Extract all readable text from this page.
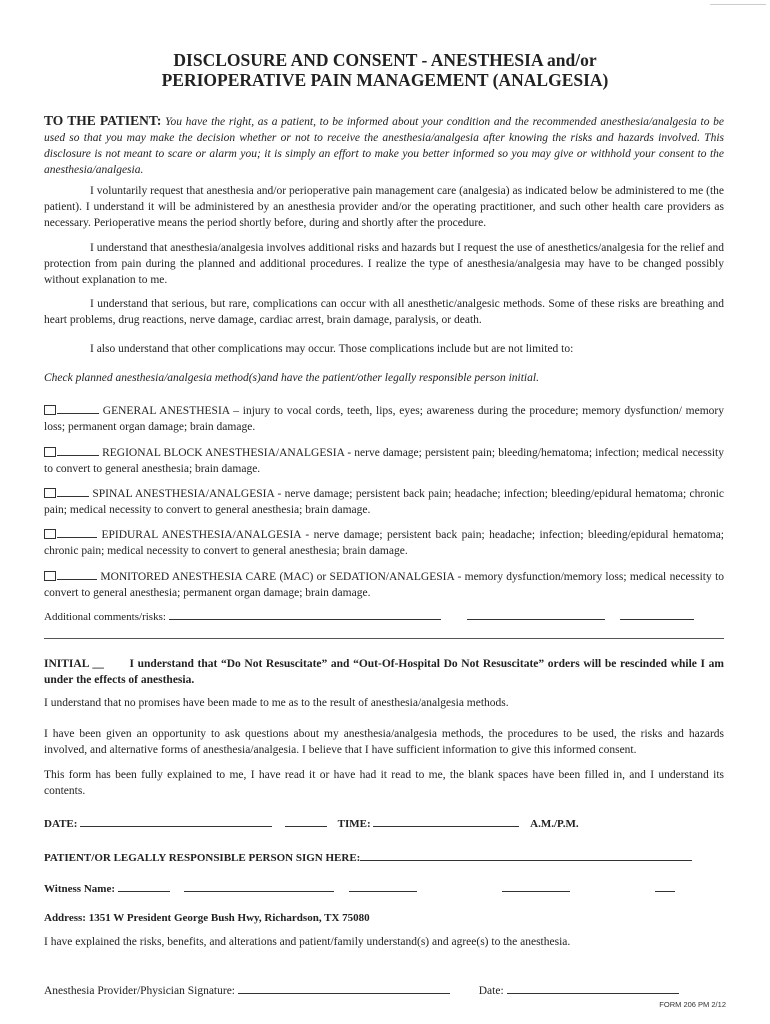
DISCLOSURE AND CONSENT - ANESTHESIA and/or
PERIOPERATIVE PAIN MANAGEMENT (ANALGESIA)
TO THE PATIENT: You have the right, as a patient, to be informed about your condition and the recommended anesthesia/analgesia to be used so that you may make the decision whether or not to receive the anesthesia/analgesia after knowing the risks and hazards involved. This disclosure is not meant to scare or alarm you; it is simply an effort to make you better informed so you may give or withhold your consent to the anesthesia/analgesia.
I voluntarily request that anesthesia and/or perioperative pain management care (analgesia) as indicated below be administered to me (the patient). I understand it will be administered by an anesthesia provider and/or the operating practitioner, and such other health care providers as necessary. Perioperative means the period shortly before, during and shortly after the procedure.
I understand that anesthesia/analgesia involves additional risks and hazards but I request the use of anesthetics/analgesia for the relief and protection from pain during the planned and additional procedures. I realize the type of anesthesia/analgesia may have to be changed possibly without explanation to me.
I understand that serious, but rare, complications can occur with all anesthetic/analgesic methods. Some of these risks are breathing and heart problems, drug reactions, nerve damage, cardiac arrest, brain damage, paralysis, or death.
I also understand that other complications may occur. Those complications include but are not limited to:
Check planned anesthesia/analgesia method(s)and have the patient/other legally responsible person initial.
GENERAL ANESTHESIA – injury to vocal cords, teeth, lips, eyes; awareness during the procedure; memory dysfunction/ memory loss; permanent organ damage; brain damage.
REGIONAL BLOCK ANESTHESIA/ANALGESIA - nerve damage; persistent pain; bleeding/hematoma; infection; medical necessity to convert to general anesthesia; brain damage.
SPINAL ANESTHESIA/ANALGESIA - nerve damage; persistent back pain; headache; infection; bleeding/epidural hematoma; chronic pain; medical necessity to convert to general anesthesia; brain damage.
EPIDURAL ANESTHESIA/ANALGESIA - nerve damage; persistent back pain; headache; infection; bleeding/epidural hematoma; chronic pain; medical necessity to convert to general anesthesia; brain damage.
MONITORED ANESTHESIA CARE (MAC) or SEDATION/ANALGESIA - memory dysfunction/memory loss; medical necessity to convert to general anesthesia; permanent organ damage; brain damage.
Additional comments/risks:
INITIAL __ I understand that “Do Not Resuscitate” and “Out-Of-Hospital Do Not Resuscitate” orders will be rescinded while I am under the effects of anesthesia.
I understand that no promises have been made to me as to the result of anesthesia/analgesia methods.
I have been given an opportunity to ask questions about my anesthesia/analgesia methods, the procedures to be used, the risks and hazards involved, and alternative forms of anesthesia/analgesia. I believe that I have sufficient information to give this informed consent.
This form has been fully explained to me, I have read it or have had it read to me, the blank spaces have been filled in, and I understand its contents.
DATE:	TIME:	A.M./P.M.
PATIENT/OR LEGALLY RESPONSIBLE PERSON SIGN HERE:
Witness Name:
Address: 1351 W President George Bush Hwy, Richardson, TX 75080
I have explained the risks, benefits, and alterations and patient/family understand(s) and agree(s) to the anesthesia.
Anesthesia Provider/Physician Signature:	Date:
FORM 206 PM 2/12
